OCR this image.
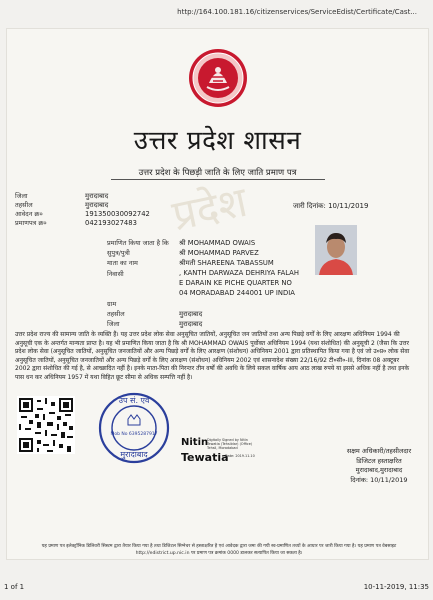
http://164.100.181.16/citizenservices/ServiceEdist/Certificate/Cast...
प्रदेश
उत्तर प्रदेश शासन
उत्तर प्रदेश के पिछड़ी जाति के लिए जाति प्रमाण पत्र
जिला	मुरादाबाद
तहसील	मुरादाबाद
आवेदन क्र०	191350030092742
प्रमाणपत्र क्र०	042193027483
जारी दिनांक: 10/11/2019
प्रमाणित किया जाता है कि श्री MOHAMMAD OWAIS
सुपुत्र/पुत्री	श्री MOHAMMAD PARVEZ
माता का नाम	श्रीमती SHAREENA TABASSUM
निवासी	, KANTH DARWAZA DEHRIYA FALAH
E DARAIN KE PICHE QUARTER NO
04 MORADABAD 244001 UP INDIA
ग्राम
तहसील	मुरादाबाद
जिला	मुरादाबाद
उत्तर प्रदेश राज्य की सामान्य जाति के व्यक्ति हैं। यह उत्तर प्रदेश लोक सेवा अनुसूचित जातियों, अनुसूचित जन जातियों तथा अन्य पिछड़े वर्गों के लिए आरक्षण अधिनियम 1994 की अनुसूची एक के अन्तर्गत मान्यता प्राप्त है। यह भी प्रमाणित किया जाता है कि श्री MOHAMMAD OWAIS पूर्वोक्त अधिनियम 1994 (यथा संशोधित) की अनुसूची 2 (जैसा कि उत्तर प्रदेश लोक सेवा (अनुसूचित जातियों, अनुसूचित जनजातियों और अन्य पिछड़े वर्गों के लिए आरक्षण (संशोधन) अधिनियम 2001 द्वारा प्रतिस्थापित किया गया है एवं जो उ०प्र० लोक सेवा अनुसूचित जातियों, अनुसूचित जनजातियों और अन्य पिछड़े वर्गों के लिए आरक्षण (संशोधन) अधिनियम 2002 एवं शासनादेश संख्या 22/16/92 टी०सी०-III, दिनांक 08 अक्टूबर 2002 द्वारा संशोधित की गई है, से आच्छादित नहीं है। इनके माता-पिता की निरन्तर तीन वर्षों की अवधि के लिये सकल वार्षिक आय आठ लाख रुपये या इससे अधिक नहीं है तथा इनके पास धन कर अधिनियम 1957 में यथा विहित छूट सीमा से अधिक सम्पत्ति नहीं है।
उप सं. एवं
Mob No 6395287917
मुरादाबाद
Nitin
Tewatia
Digitally Signed by Nitin
Tewatia (Tehsildar) (Office)
Tehsil, Moradabad
Date: 2019.11.10
सक्षम अधिकारी/तहसीलदार
डिजिटल हस्ताक्षरित
मुरादाबाद,मुरादाबाद
दिनांक: 10/11/2019
यह प्रमाण पत्र इलेक्ट्रॉनिक डिलिवरी सिस्टम द्वारा तैयार किया गया है तथा डिजिटल सिग्नेचर से हस्ताक्षरित है एवं आवेदक द्वारा जमा की गयी स्व-प्रमाणित तथ्यों के आधार पर जारी किया गया है। यह प्रमाण पत्र वेबसाइट http://edistrict.up.nic.in पर प्रमाण पत्र क्रमांक 0000 डालकर सत्यापित किया जा सकता है।
1 of 1	10-11-2019, 11:35
